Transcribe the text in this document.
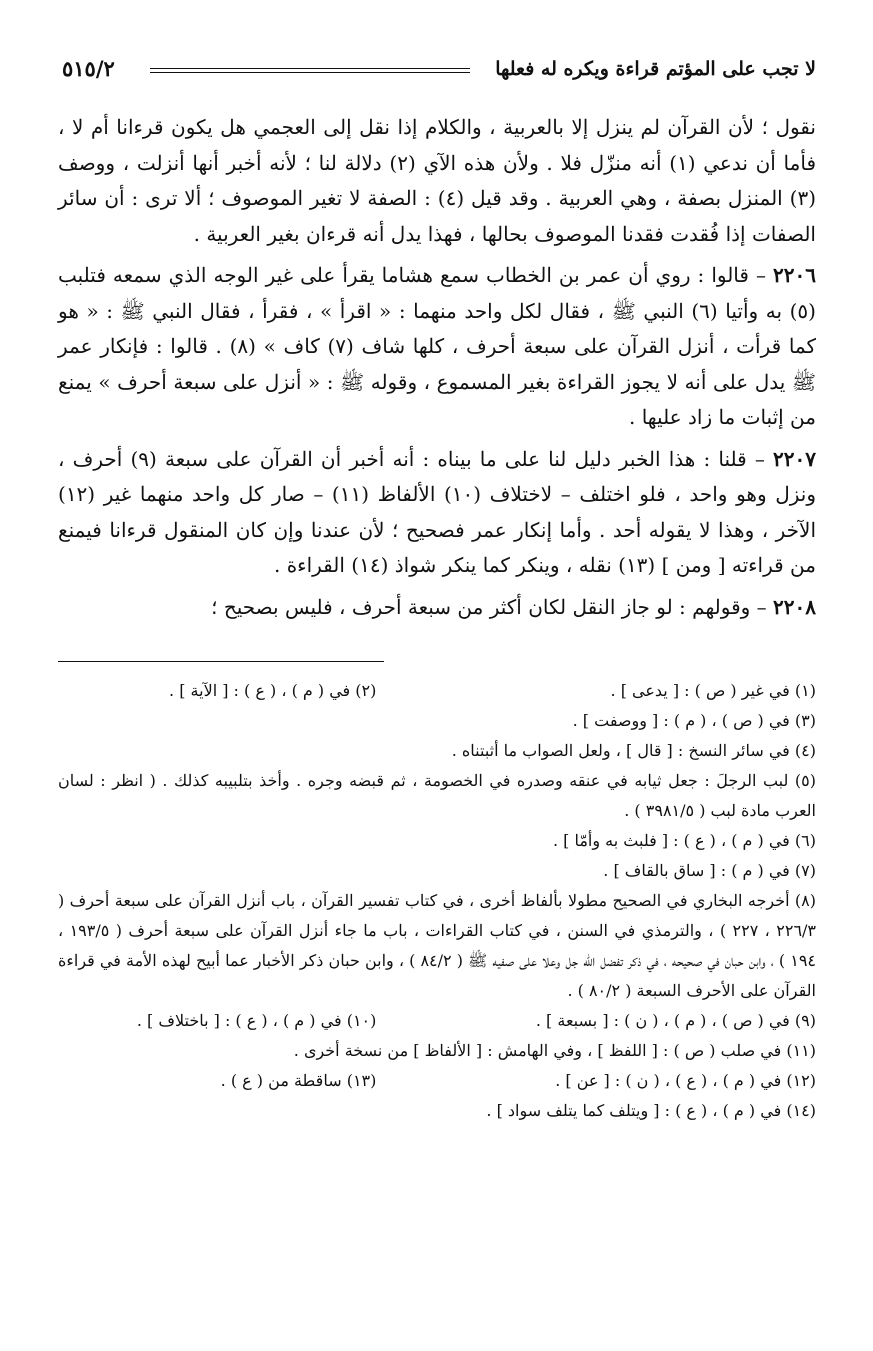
لا تجب على المؤتم قراءة ويكره له فعلها
٥١٥/٢

نقول ؛ لأن القرآن لم ينزل إلا بالعربية ، والكلام إذا نقل إلى العجمي هل يكون قرءانا أم لا ، فأما أن ندعي (١) أنه منزّل فلا . ولأن هذه الآي (٢) دلالة لنا ؛ لأنه أخبر أنها أنزلت ، ووصف (٣) المنزل بصفة ، وهي العربية . وقد قيل (٤) : الصفة لا تغير الموصوف ؛ ألا ترى : أن سائر الصفات إذا فُقدت فقدنا الموصوف بحالها ، فهذا يدل أنه قرءان بغير العربية .

٢٢٠٦ – قالوا : روي أن عمر بن الخطاب سمع هشاما يقرأ على غير الوجه الذي سمعه فتلبب (٥) به وأتيا (٦) النبي ﷺ ، فقال لكل واحد منهما : « اقرأ » ، فقرأ ، فقال النبي ﷺ : « هو كما قرأت ، أنزل القرآن على سبعة أحرف ، كلها شاف (٧) كاف » (٨) . قالوا : فإنكار عمر ﷺ يدل على أنه لا يجوز القراءة بغير المسموع ، وقوله ﷺ : « أنزل على سبعة أحرف » يمنع من إثبات ما زاد عليها .

٢٢٠٧ – قلنا : هذا الخبر دليل لنا على ما بيناه : أنه أخبر أن القرآن على سبعة (٩) أحرف ، ونزل وهو واحد ، فلو اختلف – لاختلاف (١٠) الألفاظ (١١) – صار كل واحد منهما غير (١٢) الآخر ، وهذا لا يقوله أحد . وأما إنكار عمر فصحيح ؛ لأن عندنا وإن كان المنقول قرءانا فيمنع من قراءته [ ومن ] (١٣) نقله ، وينكر كما ينكر شواذ (١٤) القراءة .

٢٢٠٨ – وقولهم : لو جاز النقل لكان أكثر من سبعة أحرف ، فليس بصحيح ؛

(١) في غير ( ص ) : [ يدعى ] .

(٢) في ( م ) ، ( ع ) : [ الآية ] .

(٣) في ( ص ) ، ( م ) : [ ووصفت ] .

(٤) في سائر النسخ : [ قال ] ، ولعل الصواب ما أثبتناه .

(٥) لبب الرجلَ : جعل ثيابه في عنقه وصدره في الخصومة ، ثم قبضه وجره . وأخذ بتلبيبه كذلك . ( انظر : لسان العرب مادة لبب ( ٣٩٨١/٥ ) .

(٦) في ( م ) ، ( ع ) : [ فلبث به وأمّا ] .

(٧) في ( م ) : [ ساق بالقاف ] .

(٨) أخرجه البخاري في الصحيح مطولا بألفاظ أخرى ، في كتاب تفسير القرآن ، باب أنزل القرآن على سبعة أحرف ( ٢٢٦/٣ ، ٢٢٧ ) ، والترمذي في السنن ، في كتاب القراءات ، باب ما جاء أنزل القرآن على سبعة أحرف ( ١٩٣/٥ ، ١٩٤ ) ، وابن حبان في صحيحه ، في ذكر تفضل الله جل وعلا على صفيه ﷺ ( ٨٤/٢ ) ، وابن حبان ذكر الأخبار عما أبيح لهذه الأمة في قراءة القرآن على الأحرف السبعة ( ٨٠/٢ ) .

(٩) في ( ص ) ، ( م ) ، ( ن ) : [ بسبعة ] .

(١٠) في ( م ) ، ( ع ) : [ باختلاف ] .

(١١) في صلب ( ص ) : [ اللفظ ] ، وفي الهامش : [ الألفاظ ] من نسخة أخرى .

(١٢) في ( م ) ، ( ع ) ، ( ن ) : [ عن ] .

(١٣) ساقطة من ( ع ) .

(١٤) في ( م ) ، ( ع ) : [ ويتلف كما يتلف سواد ] .
